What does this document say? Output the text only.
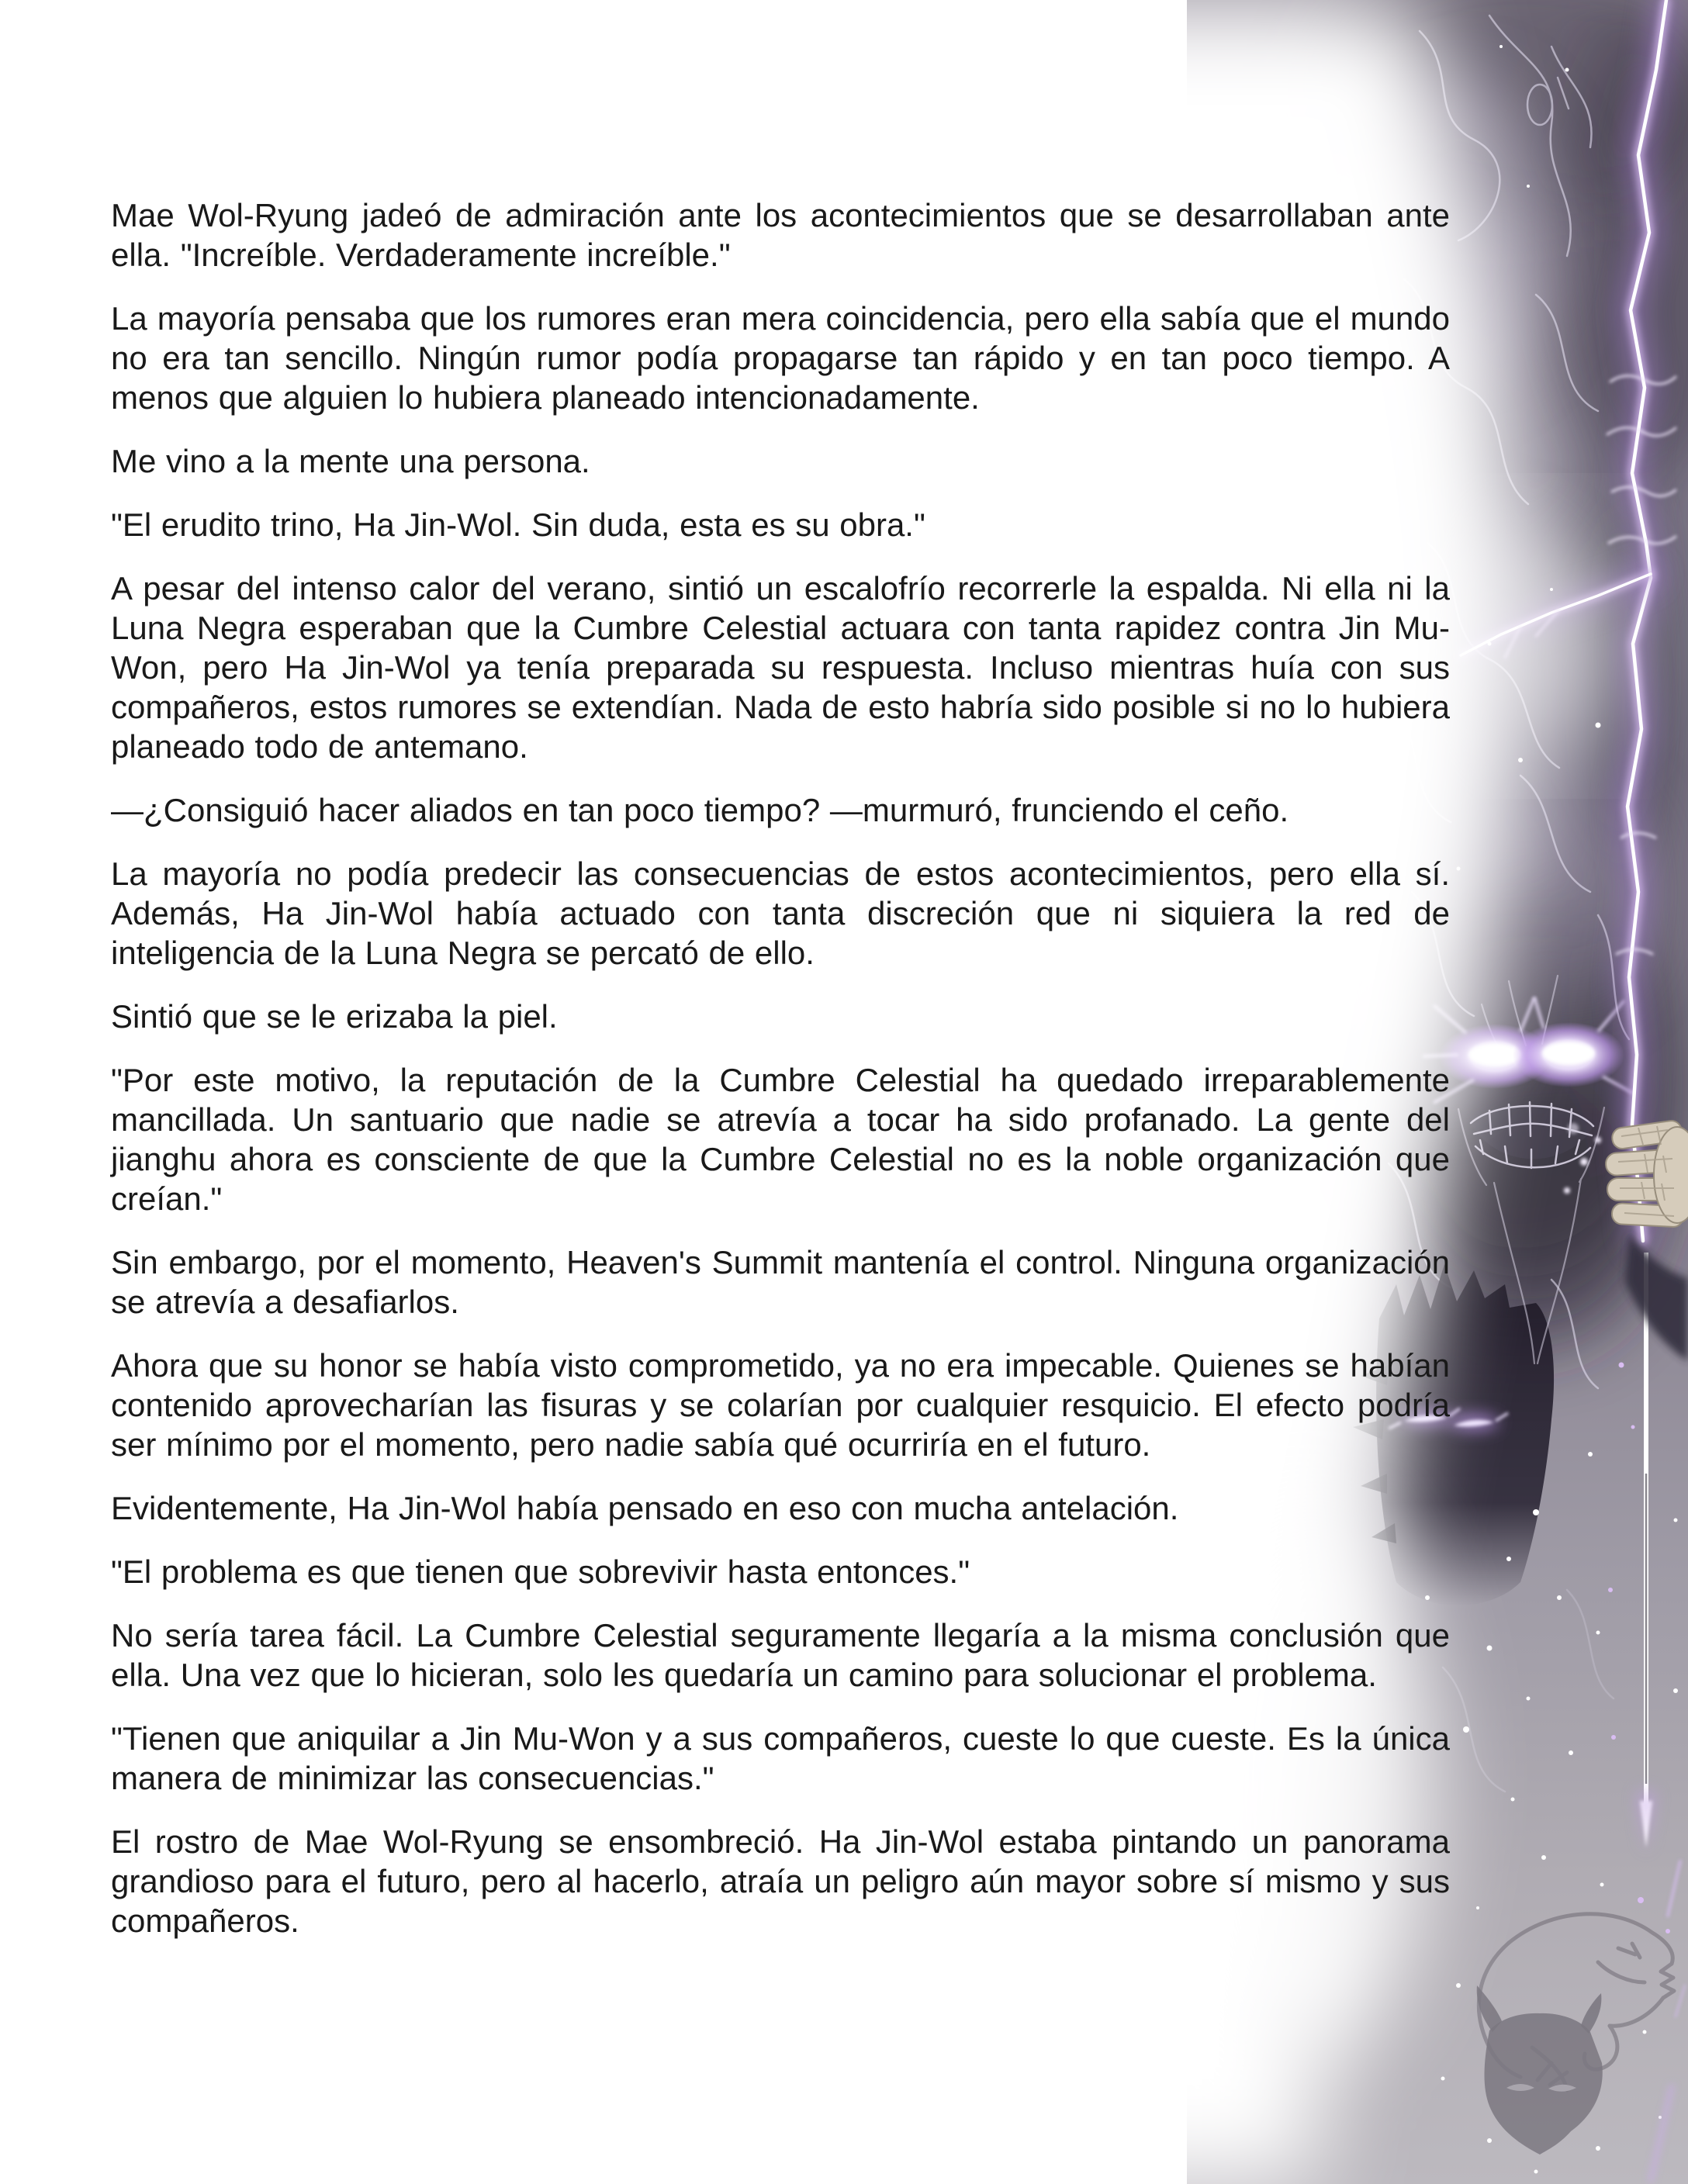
Mae Wol-Ryung jadeó de admiración ante los acontecimientos que se desarrollaban ante ella. "Increíble. Verdaderamente increíble."

La mayoría pensaba que los rumores eran mera coincidencia, pero ella sabía que el mundo no era tan sencillo. Ningún rumor podía propagarse tan rápido y en tan poco tiempo. A menos que alguien lo hubiera planeado intencionadamente.

Me vino a la mente una persona.

"El erudito trino, Ha Jin-Wol. Sin duda, esta es su obra."

A pesar del intenso calor del verano, sintió un escalofrío recorrerle la espalda. Ni ella ni la Luna Negra esperaban que la Cumbre Celestial actuara con tanta rapidez contra Jin Mu-Won, pero Ha Jin-Wol ya tenía preparada su respuesta. Incluso mientras huía con sus compañeros, estos rumores se extendían. Nada de esto habría sido posible si no lo hubiera planeado todo de antemano.

—¿Consiguió hacer aliados en tan poco tiempo? —murmuró, frunciendo el ceño.

La mayoría no podía predecir las consecuencias de estos acontecimientos, pero ella sí. Además, Ha Jin-Wol había actuado con tanta discreción que ni siquiera la red de inteligencia de la Luna Negra se percató de ello.

Sintió que se le erizaba la piel.

"Por este motivo, la reputación de la Cumbre Celestial ha quedado irreparablemente mancillada. Un santuario que nadie se atrevía a tocar ha sido profanado. La gente del jianghu ahora es consciente de que la Cumbre Celestial no es la noble organización que creían."

Sin embargo, por el momento, Heaven's Summit mantenía el control. Ninguna organización se atrevía a desafiarlos.

Ahora que su honor se había visto comprometido, ya no era impecable. Quienes se habían contenido aprovecharían las fisuras y se colarían por cualquier resquicio. El efecto podría ser mínimo por el momento, pero nadie sabía qué ocurriría en el futuro.

Evidentemente, Ha Jin-Wol había pensado en eso con mucha antelación.

"El problema es que tienen que sobrevivir hasta entonces."

No sería tarea fácil. La Cumbre Celestial seguramente llegaría a la misma conclusión que ella. Una vez que lo hicieran, solo les quedaría un camino para solucionar el problema.

"Tienen que aniquilar a Jin Mu-Won y a sus compañeros, cueste lo que cueste. Es la única manera de minimizar las consecuencias."

El rostro de Mae Wol-Ryung se ensombreció. Ha Jin-Wol estaba pintando un panorama grandioso para el futuro, pero al hacerlo, atraía un peligro aún mayor sobre sí mismo y sus compañeros.
